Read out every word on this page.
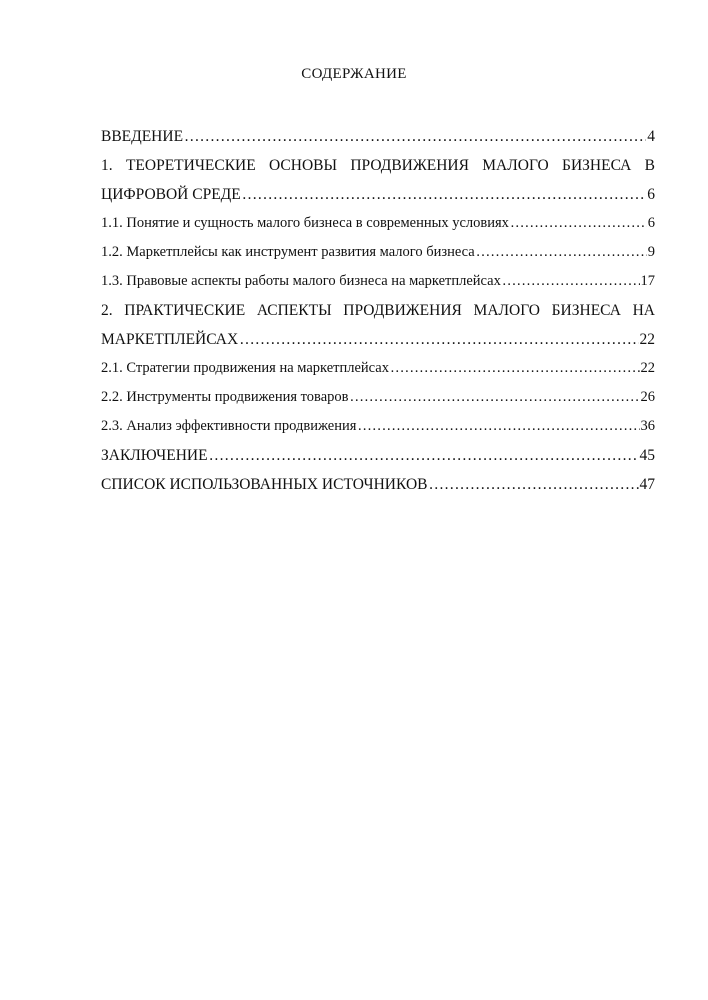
СОДЕРЖАНИЕ
ВВЕДЕНИЕ ………………………………………………………………………………………………………………………………………………………………………………	4
1. ТЕОРЕТИЧЕСКИЕ ОСНОВЫ ПРОДВИЖЕНИЯ МАЛОГО БИЗНЕСА В
ЦИФРОВОЙ СРЕДЕ ………………………………………………………………………………………………………………………………………………………………………………	6
1.1. Понятие и сущность малого бизнеса в современных условиях ………………………………………………………………………………………………………………………………………………………………………………	6
1.2. Маркетплейсы как инструмент развития малого бизнеса ………………………………………………………………………………………………………………………………………………………………………………	9
1.3. Правовые аспекты работы малого бизнеса на маркетплейсах ………………………………………………………………………………………………………………………………………………………………………………	17
2. ПРАКТИЧЕСКИЕ АСПЕКТЫ ПРОДВИЖЕНИЯ МАЛОГО БИЗНЕСА НА
МАРКЕТПЛЕЙСАХ ………………………………………………………………………………………………………………………………………………………………………………	22
2.1. Стратегии продвижения на маркетплейсах ………………………………………………………………………………………………………………………………………………………………………………	22
2.2. Инструменты продвижения товаров ………………………………………………………………………………………………………………………………………………………………………………	26
2.3. Анализ эффективности продвижения ………………………………………………………………………………………………………………………………………………………………………………	36
ЗАКЛЮЧЕНИЕ ………………………………………………………………………………………………………………………………………………………………………………	45
СПИСОК ИСПОЛЬЗОВАННЫХ ИСТОЧНИКОВ ………………………………………………………………………………………………………………………………………………………………………………	47
